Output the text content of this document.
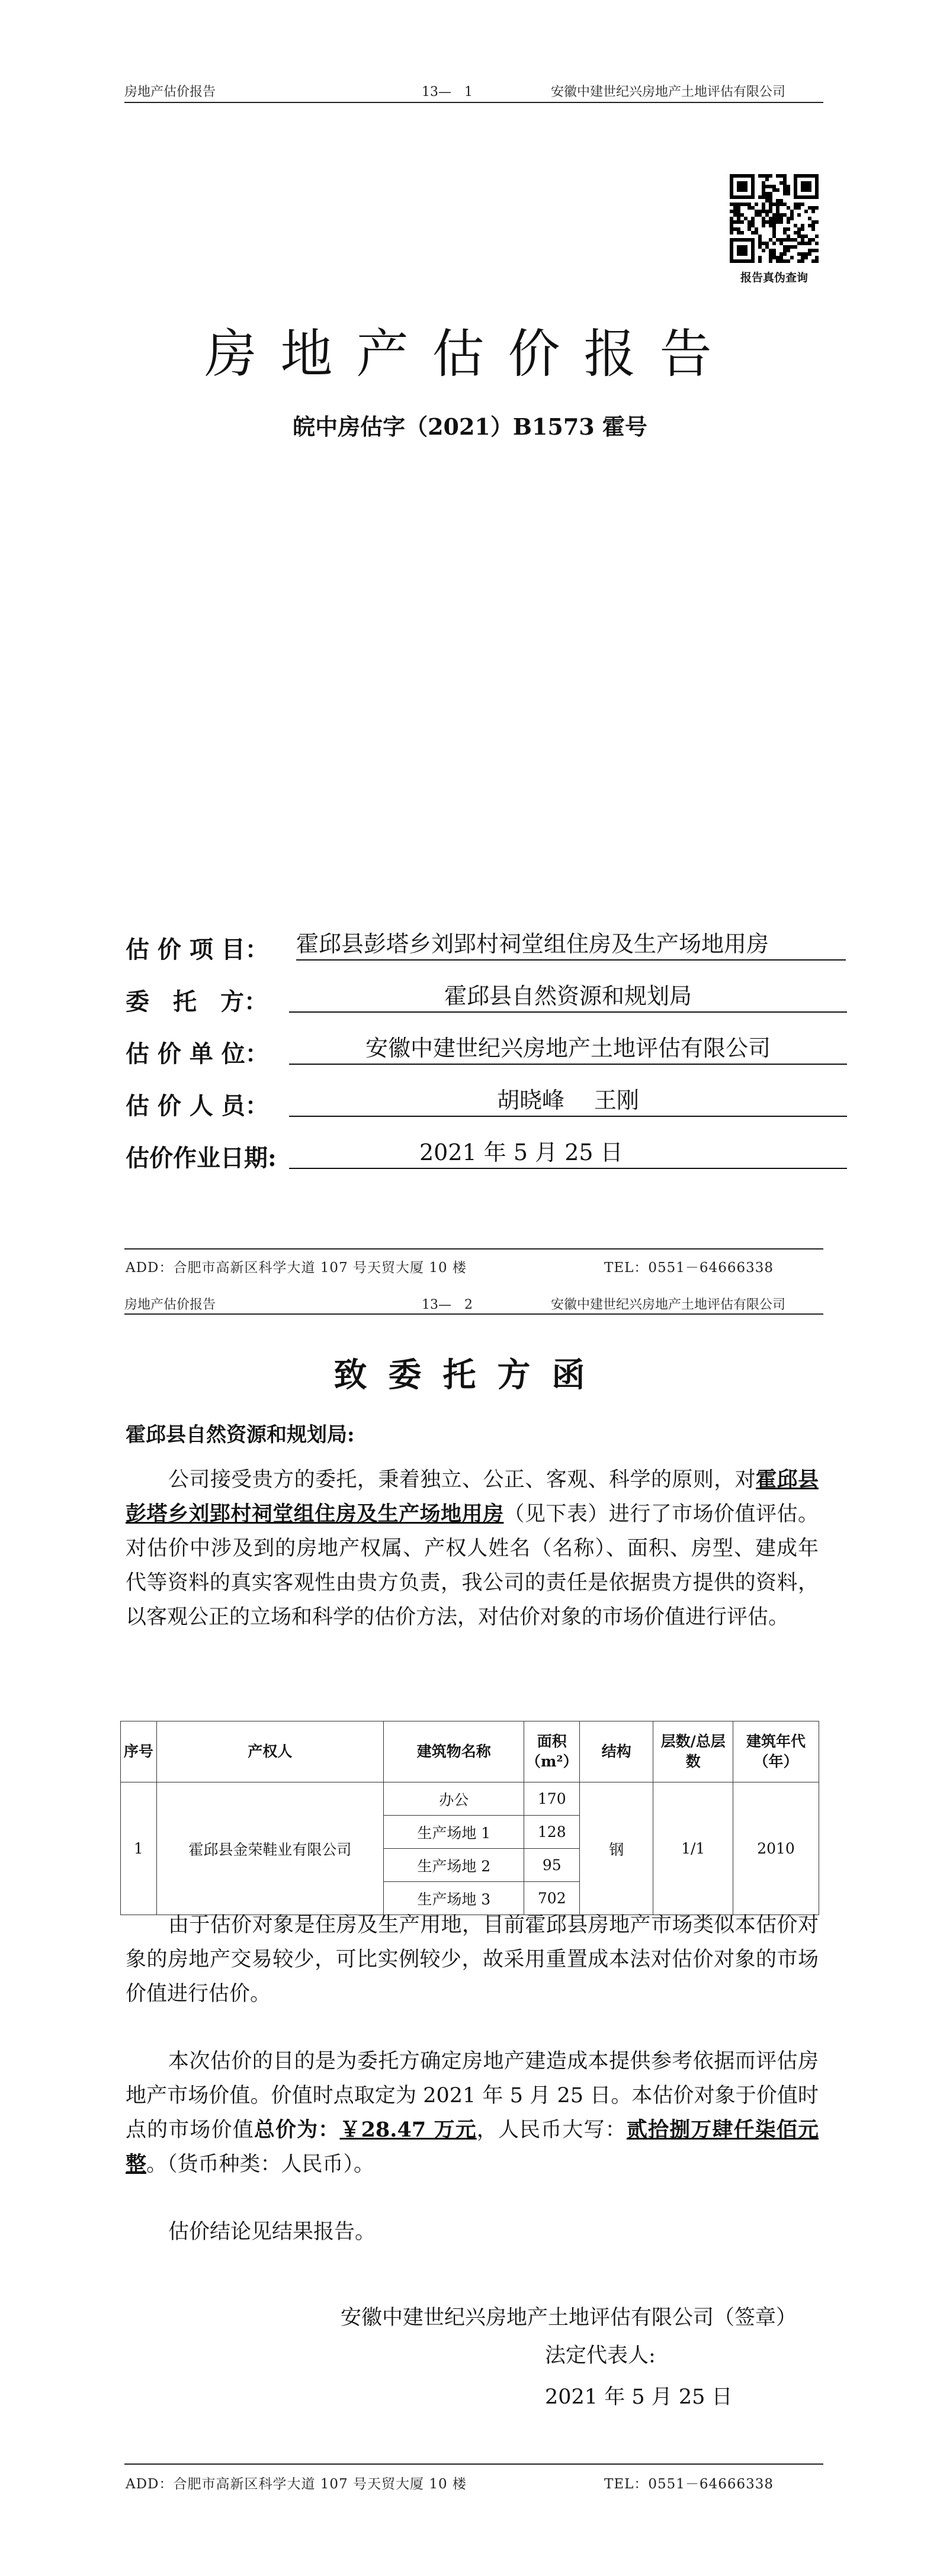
房地产估价报告	13—　1	安徽中建世纪兴房地产土地评估有限公司
报告真伪查询
房地产估价报告
皖中房估字（2021）B1573 霍号
估 价 项 目： 霍邱县彭塔乡刘郢村祠堂组住房及生产场地用房
委　托　方：	霍邱县自然资源和规划局
估 价 单 位：	安徽中建世纪兴房地产土地评估有限公司
估 价 人 员：	胡晓峰　 王刚
估价作业日期:	2021 年 5 月 25 日
ADD：合肥市高新区科学大道 107 号天贸大厦 10 楼	TEL：0551－64666338
房地产估价报告	13—　2	安徽中建世纪兴房地产土地评估有限公司
致委托方函
霍邱县自然资源和规划局:
公司接受贵方的委托，秉着独立、公正、客观、科学的原则，对霍邱县彭塔乡刘郢村祠堂组住房及生产场地用房（见下表）进行了市场价值评估。对估价中涉及到的房地产权属、产权人姓名（名称）、面积、房型、建成年代等资料的真实客观性由贵方负责，我公司的责任是依据贵方提供的资料，以客观公正的立场和科学的估价方法，对估价对象的市场价值进行评估。
序号	产权人	建筑物名称	面积（m²）	结构	层数/总层数	建筑年代（年）
1	霍邱县金荣鞋业有限公司	办公	170	钢	1/1	2010
		生产场地 1	128			
		生产场地 2	95			
		生产场地 3	702			
由于估价对象是住房及生产用地，目前霍邱县房地产市场类似本估价对象的房地产交易较少，可比实例较少，故采用重置成本法对估价对象的市场价值进行估价。
本次估价的目的是为委托方确定房地产建造成本提供参考依据而评估房地产市场价值。价值时点取定为 2021 年 5 月 25 日。本估价对象于价值时点的市场价值总价为：￥28.47 万元，人民币大写：贰拾捌万肆仟柒佰元整。（货币种类：人民币）。
估价结论见结果报告。
安徽中建世纪兴房地产土地评估有限公司（签章）
法定代表人:
2021 年 5 月 25 日
ADD：合肥市高新区科学大道 107 号天贸大厦 10 楼	TEL：0551－64666338
